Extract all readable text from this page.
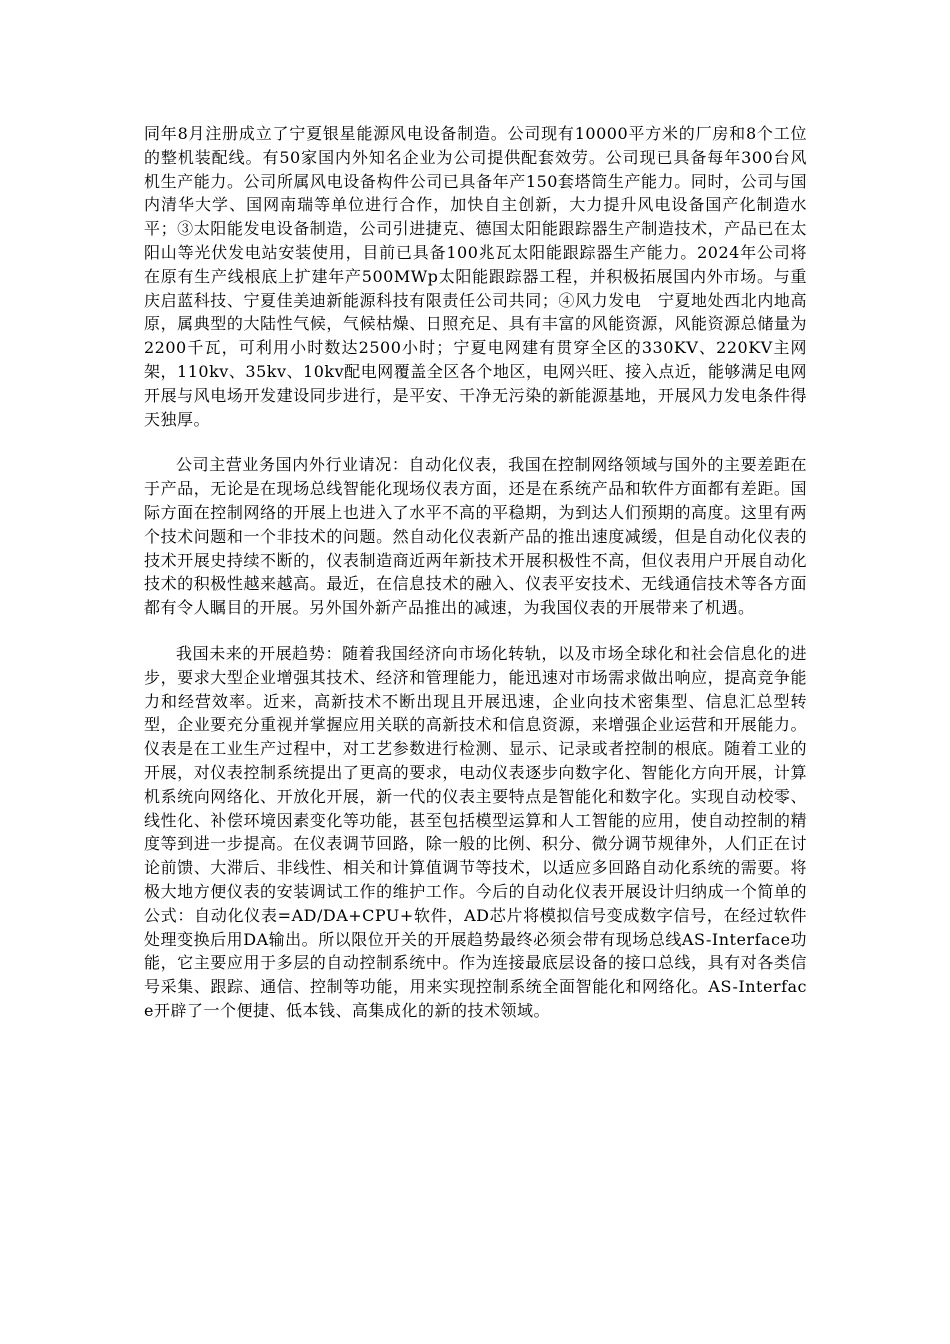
同年8月注册成立了宁夏银星能源风电设备制造。公司现有10000平方米的厂房和8个工位的整机装配线。有50家国内外知名企业为公司提供配套效劳。公司现已具备每年300台风机生产能力。公司所属风电设备构件公司已具备年产150套塔筒生产能力。同时，公司与国内清华大学、国网南瑞等单位进行合作，加快自主创新，大力提升风电设备国产化制造水平；③太阳能发电设备制造，公司引进捷克、德国太阳能跟踪器生产制造技术，产品已在太阳山等光伏发电站安装使用，目前已具备100兆瓦太阳能跟踪器生产能力。2024年公司将在原有生产线根底上扩建年产500MWp太阳能跟踪器工程，并积极拓展国内外市场。与重庆启蓝科技、宁夏佳美迪新能源科技有限责任公司共同；④风力发电　宁夏地处西北内地高原，属典型的大陆性气候，气候枯燥、日照充足、具有丰富的风能资源，风能资源总储量为2200千瓦，可利用小时数达2500小时；宁夏电网建有贯穿全区的330KV、220KV主网架，110kv、35kv、10kv配电网覆盖全区各个地区，电网兴旺、接入点近，能够满足电网开展与风电场开发建设同步进行，是平安、干净无污染的新能源基地，开展风力发电条件得天独厚。

公司主营业务国内外行业请况：自动化仪表，我国在控制网络领域与国外的主要差距在于产品，无论是在现场总线智能化现场仪表方面，还是在系统产品和软件方面都有差距。国际方面在控制网络的开展上也进入了水平不高的平稳期，为到达人们预期的高度。这里有两个技术问题和一个非技术的问题。然自动化仪表新产品的推出速度减缓，但是自动化仪表的技术开展史持续不断的，仪表制造商近两年新技术开展积极性不高，但仪表用户开展自动化技术的积极性越来越高。最近，在信息技术的融入、仪表平安技术、无线通信技术等各方面都有令人瞩目的开展。另外国外新产品推出的减速，为我国仪表的开展带来了机遇。

我国未来的开展趋势：随着我国经济向市场化转轨，以及市场全球化和社会信息化的进步，要求大型企业增强其技术、经济和管理能力，能迅速对市场需求做出响应，提高竞争能力和经营效率。近来，高新技术不断出现且开展迅速，企业向技术密集型、信息汇总型转型，企业要充分重视并掌握应用关联的高新技术和信息资源，来增强企业运营和开展能力。仪表是在工业生产过程中，对工艺参数进行检测、显示、记录或者控制的根底。随着工业的开展，对仪表控制系统提出了更高的要求，电动仪表逐步向数字化、智能化方向开展，计算机系统向网络化、开放化开展，新一代的仪表主要特点是智能化和数字化。实现自动校零、线性化、补偿环境因素变化等功能，甚至包括模型运算和人工智能的应用，使自动控制的精度等到进一步提高。在仪表调节回路，除一般的比例、积分、微分调节规律外，人们正在讨论前馈、大滞后、非线性、相关和计算值调节等技术，以适应多回路自动化系统的需要。将极大地方便仪表的安装调试工作的维护工作。今后的自动化仪表开展设计归纳成一个简单的公式：自动化仪表=AD/DA+CPU+软件，AD芯片将模拟信号变成数字信号，在经过软件处理变换后用DA输出。所以限位开关的开展趋势最终必须会带有现场总线AS-Interface功能，它主要应用于多层的自动控制系统中。作为连接最底层设备的接口总线，具有对各类信号采集、跟踪、通信、控制等功能，用来实现控制系统全面智能化和网络化。AS-Interface开辟了一个便捷、低本钱、高集成化的新的技术领域。
